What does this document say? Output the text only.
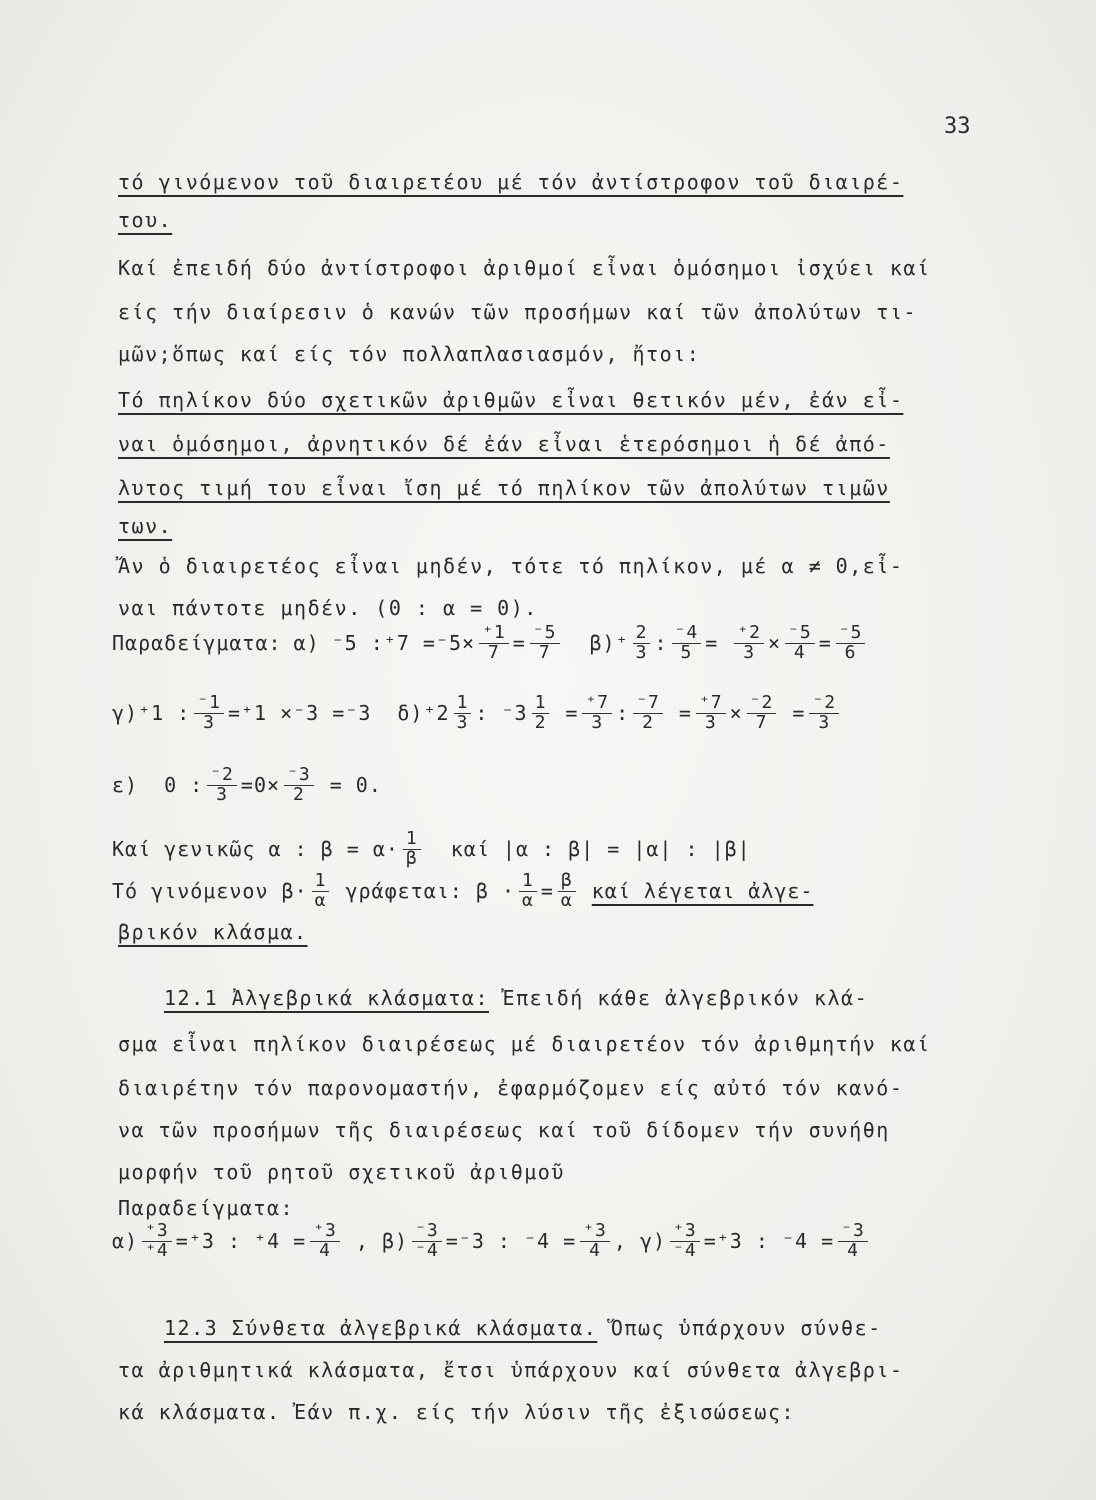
33
τό γινόμενον τοῦ διαιρετέου μέ τόν ἀντίστροφον τοῦ διαιρέ-
του.
Καί ἐπειδή δύο ἀντίστροφοι ἀριθμοί εἶναι ὁμόσημοι ἰσχύει καί
είς τήν διαίρεσιν ὁ κανών τῶν προσήμων καί τῶν ἀπολύτων τι-
μῶν;ὅπως καί είς τόν πολλαπλασιασμόν, ἤτοι:
Τό πηλίκον δύο σχετικῶν ἀριθμῶν εἶναι θετικόν μέν, ἐάν εἶ-
ναι ὁμόσημοι, ἀρνητικόν δέ ἐάν εἶναι ἑτερόσημοι ἡ δέ ἀπό-
λυτος τιμή του εἶναι ἴση μέ τό πηλίκον τῶν ἀπολύτων τιμῶν
των.
Ἄν ὁ διαιρετέος εἶναι μηδέν, τότε τό πηλίκον, μέ α ≠ 0,εἶ-
ναι πάντοτε μηδέν. (0 : α = 0).
Παραδείγματα: α) ⁻5 :⁺7 $=^-5\times \frac{^+1}{7} = \frac{^-5}{7} \beta)^+ \frac{2}{3}$ : $\frac{^-4}{5} = \frac{^+2}{3} \times \frac{^-5}{4} = \frac{^-5}{6}$
γ)⁺1 : $\frac{^-1}{3} =^+1 \times^-3 =^-3$ $\delta)^+2 \frac{1}{3}$ : $^-3 \frac{1}{2} = \frac{^+7}{3}$ : $\frac{^-7}{2} = \frac{^+7}{3} \times \frac{^-2}{7} = \frac{^-2}{3}$
ε) 0 : $\frac{^-2}{3} =0\times \frac{^-3}{2} = 0$.
Καί γενικῶς α : $\beta = \alpha\cdot \frac{1}{\beta}$ καί |α : β| = |α| : |β|
Τό γινόμενον $\beta\cdot \frac{1}{\alpha} \gamma\rho ά\varphi\varepsilon\tau\alpha\iota$: $\beta \cdot \frac{1}{\alpha} = \frac{\beta}{\alpha}$ καί λέγεται ἀλγε-
βρικόν κλάσμα.
12.1 Ἀλγεβρικά κλάσματα: Ἐπειδή κάθε ἀλγεβρικόν κλά-
σμα εἶναι πηλίκον διαιρέσεως μέ διαιρετέον τόν ἀριθμητήν καί
διαιρέτην τόν παρονομαστήν, ἐφαρμόζομεν είς αὐτό τόν κανό-
να τῶν προσήμων τῆς διαιρέσεως καί τοῦ δίδομεν τήν συνήθη
μορφήν τοῦ ρητοῦ σχετικοῦ ἀριθμοῦ
Παραδείγματα:
$\alpha) \frac{^+3}{^+4} =^+3$ : $^+4 = \frac{^+3}{4}$ , $\beta) \frac{^-3}{^-4} =^-3$ : $^-4 = \frac{^+3}{4}$ , $\gamma) \frac{^+3}{^-4} =^+3$ : $^-4 = \frac{^-3}{4}$
12.3 Σύνθετα ἀλγεβρικά κλάσματα. Ὅπως ὑπάρχουν σύνθε-
τα ἀριθμητικά κλάσματα, ἔτσι ὑπάρχουν καί σύνθετα ἀλγεβρι-
κά κλάσματα. Ἐάν π.χ. είς τήν λύσιν τῆς ἐξισώσεως:
